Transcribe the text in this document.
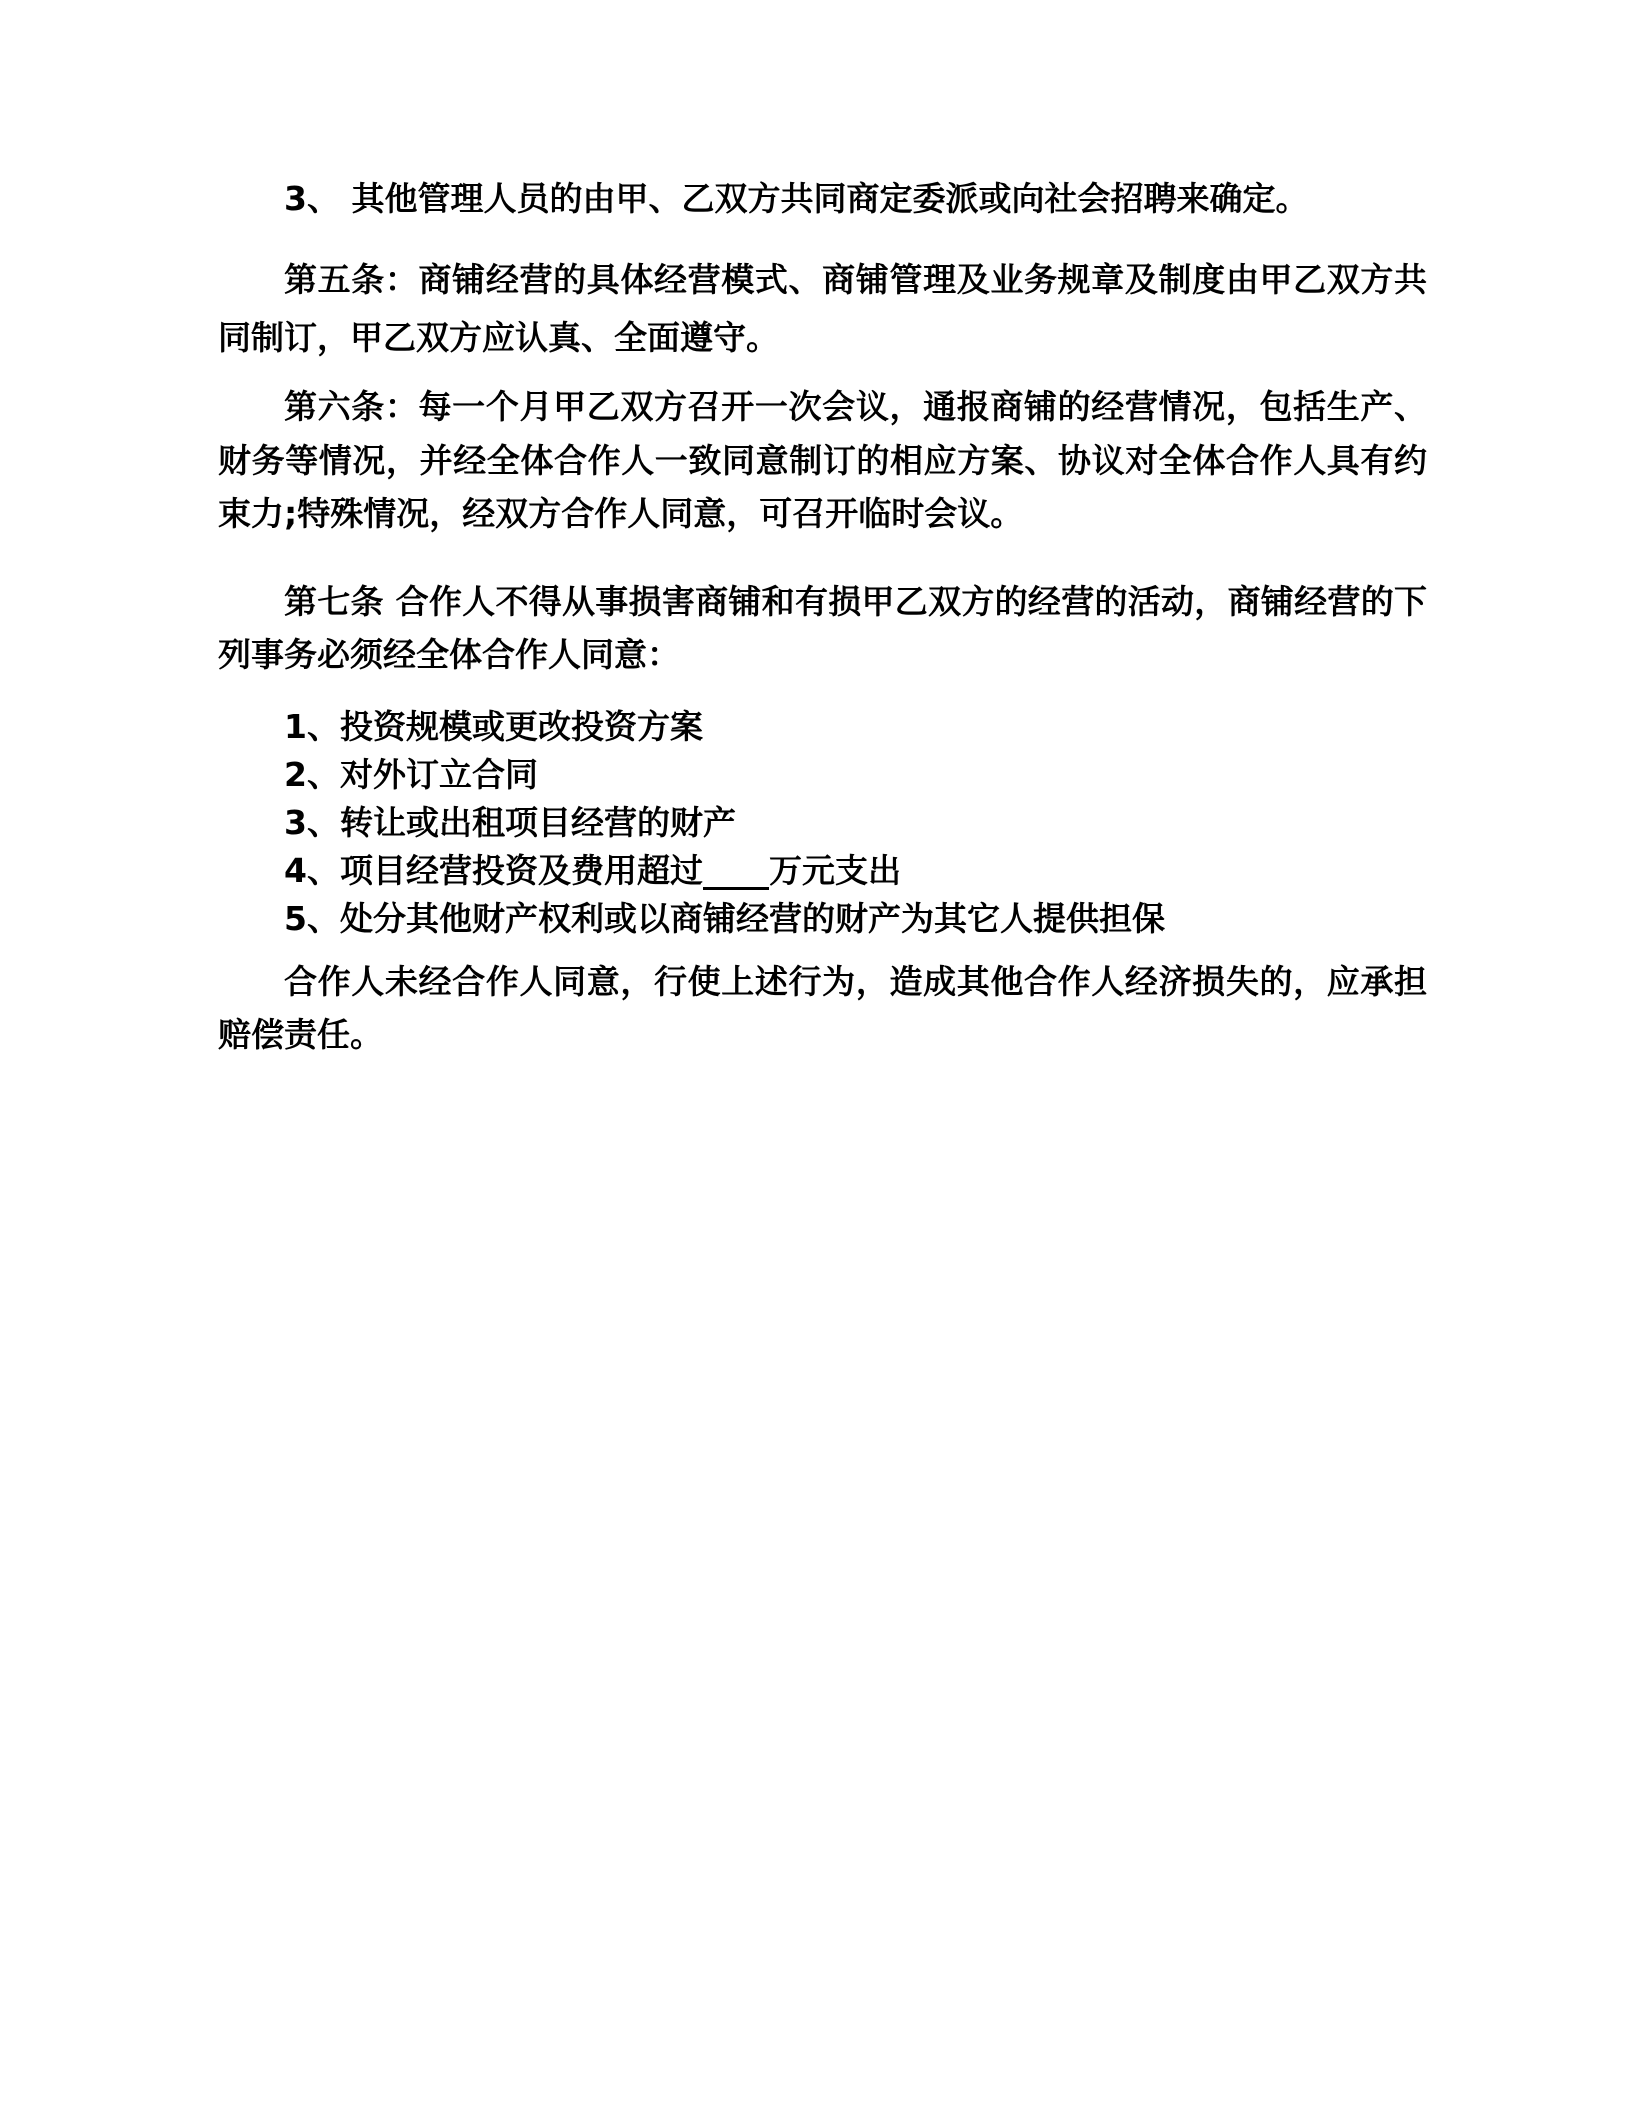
3、 其他管理人员的由甲、乙双方共同商定委派或向社会招聘来确定。

第五条：商铺经营的具体经营模式、商铺管理及业务规章及制度由甲乙双方共同制订，甲乙双方应认真、全面遵守。

第六条：每一个月甲乙双方召开一次会议，通报商铺的经营情况，包括生产、财务等情况，并经全体合作人一致同意制订的相应方案、协议对全体合作人具有约束力;特殊情况，经双方合作人同意，可召开临时会议。

第七条 合作人不得从事损害商铺和有损甲乙双方的经营的活动，商铺经营的下列事务必须经全体合作人同意：

1、投资规模或更改投资方案

2、对外订立合同

3、转让或出租项目经营的财产

4、项目经营投资及费用超过____万元支出

5、处分其他财产权利或以商铺经营的财产为其它人提供担保

合作人未经合作人同意，行使上述行为，造成其他合作人经济损失的，应承担赔偿责任。
